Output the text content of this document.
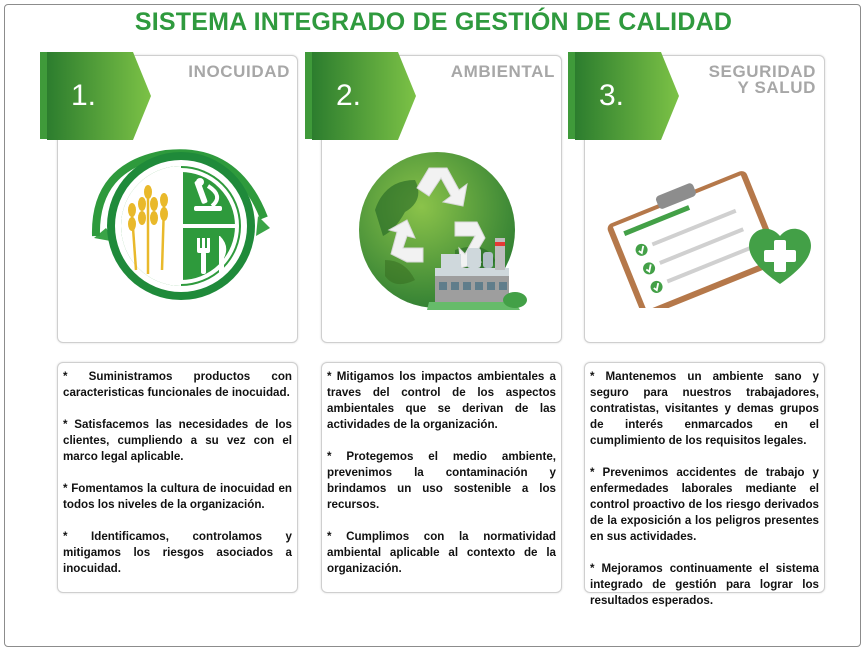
SISTEMA INTEGRADO DE GESTIÓN DE CALIDAD
1.
INOCUIDAD

* Suministramos productos con caracteristicas funcionales de inocuidad.

* Satisfacemos las necesidades de los clientes, cumpliendo a su vez con el marco legal aplicable.

* Fomentamos la cultura de inocuidad en todos los niveles de la organización.

* Identificamos, controlamos y mitigamos los riesgos asociados a inocuidad.

2.
AMBIENTAL

* Mitigamos los impactos ambientales a traves del control de los aspectos ambientales que se derivan de las actividades de la organización.

* Protegemos el medio ambiente, prevenimos la contaminación y brindamos un uso sostenible a los recursos.

* Cumplimos con la normatividad ambiental aplicable al contexto de la organización.

3.
SEGURIDAD
Y SALUD

* Mantenemos un ambiente sano y seguro para nuestros trabajadores, contratistas, visitantes y demas grupos de interés enmarcados en el cumplimiento de los requisitos legales.

* Prevenimos accidentes de trabajo y enfermedades laborales mediante el control proactivo de los riesgo derivados de la exposición a los peligros presentes en sus actividades.

* Mejoramos continuamente el sistema integrado de gestión para lograr los resultados esperados.
